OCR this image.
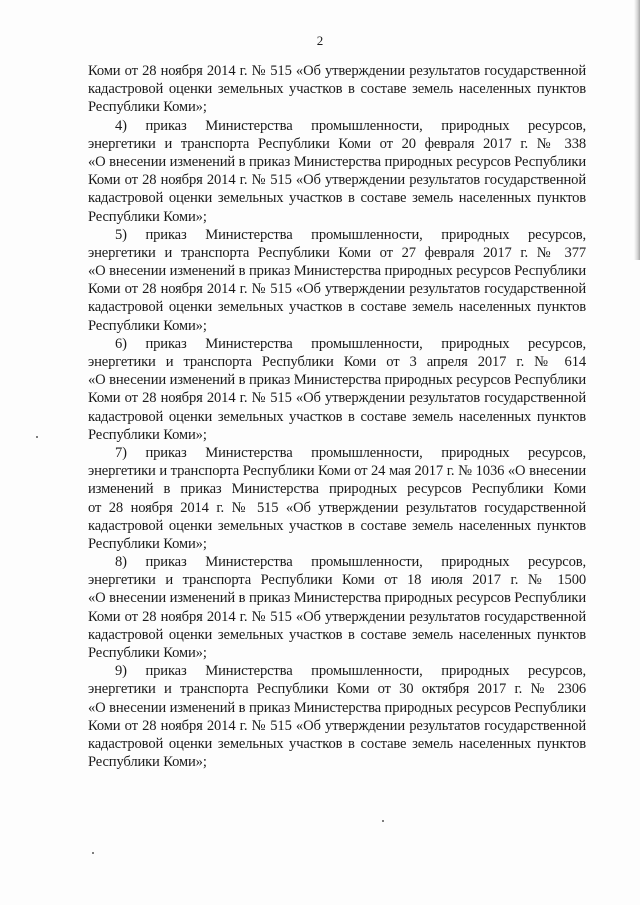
2
Коми от 28 ноября 2014 г. № 515 «Об утверждении результатов государственной
кадастровой оценки земельных участков в составе земель населенных пунктов
Республики Коми»;
4) приказ Министерства промышленности, природных ресурсов,
энергетики и транспорта Республики Коми от 20 февраля 2017 г. № 338
«О внесении изменений в приказ Министерства природных ресурсов Республики
Коми от 28 ноября 2014 г. № 515 «Об утверждении результатов государственной
кадастровой оценки земельных участков в составе земель населенных пунктов
Республики Коми»;
5) приказ Министерства промышленности, природных ресурсов,
энергетики и транспорта Республики Коми от 27 февраля 2017 г. № 377
«О внесении изменений в приказ Министерства природных ресурсов Республики
Коми от 28 ноября 2014 г. № 515 «Об утверждении результатов государственной
кадастровой оценки земельных участков в составе земель населенных пунктов
Республики Коми»;
6) приказ Министерства промышленности, природных ресурсов,
энергетики и транспорта Республики Коми от 3 апреля 2017 г. № 614
«О внесении изменений в приказ Министерства природных ресурсов Республики
Коми от 28 ноября 2014 г. № 515 «Об утверждении результатов государственной
кадастровой оценки земельных участков в составе земель населенных пунктов
Республики Коми»;
7) приказ Министерства промышленности, природных ресурсов,
энергетики и транспорта Республики Коми от 24 мая 2017 г. № 1036 «О внесении
изменений в приказ Министерства природных ресурсов Республики Коми
от 28 ноября 2014 г. № 515 «Об утверждении результатов государственной
кадастровой оценки земельных участков в составе земель населенных пунктов
Республики Коми»;
8) приказ Министерства промышленности, природных ресурсов,
энергетики и транспорта Республики Коми от 18 июля 2017 г. № 1500
«О внесении изменений в приказ Министерства природных ресурсов Республики
Коми от 28 ноября 2014 г. № 515 «Об утверждении результатов государственной
кадастровой оценки земельных участков в составе земель населенных пунктов
Республики Коми»;
9) приказ Министерства промышленности, природных ресурсов,
энергетики и транспорта Республики Коми от 30 октября 2017 г. № 2306
«О внесении изменений в приказ Министерства природных ресурсов Республики
Коми от 28 ноября 2014 г. № 515 «Об утверждении результатов государственной
кадастровой оценки земельных участков в составе земель населенных пунктов
Республики Коми»;
